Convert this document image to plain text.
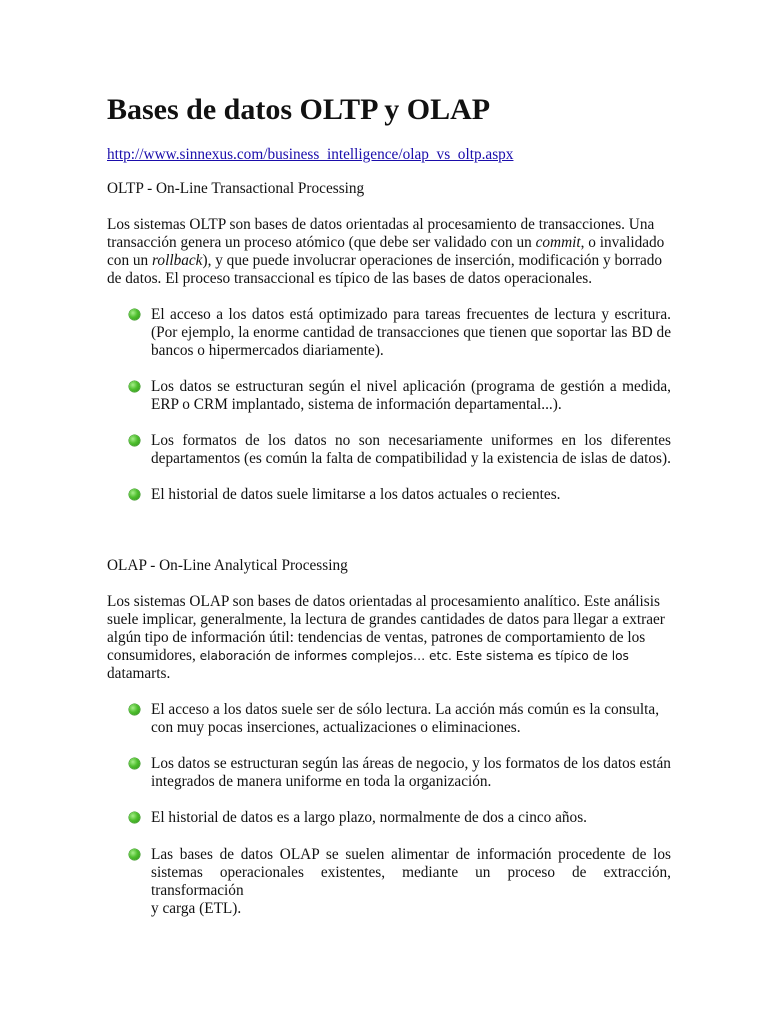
Bases de datos OLTP y OLAP
http://www.sinnexus.com/business_intelligence/olap_vs_oltp.aspx
OLTP - On-Line Transactional Processing
Los sistemas OLTP son bases de datos orientadas al procesamiento de transacciones. Una
transacción genera un proceso atómico (que debe ser validado con un commit, o invalidado
con un rollback), y que puede involucrar operaciones de inserción, modificación y borrado
de datos. El proceso transaccional es típico de las bases de datos operacionales.
El acceso a los datos está optimizado para tareas frecuentes de lectura y escritura.
(Por ejemplo, la enorme cantidad de transacciones que tienen que soportar las BD de
bancos o hipermercados diariamente).
Los datos se estructuran según el nivel aplicación (programa de gestión a medida,
ERP o CRM implantado, sistema de información departamental...).
Los formatos de los datos no son necesariamente uniformes en los diferentes
departamentos (es común la falta de compatibilidad y la existencia de islas de datos).
El historial de datos suele limitarse a los datos actuales o recientes.
OLAP - On-Line Analytical Processing
Los sistemas OLAP son bases de datos orientadas al procesamiento analítico. Este análisis
suele implicar, generalmente, la lectura de grandes cantidades de datos para llegar a extraer
algún tipo de información útil: tendencias de ventas, patrones de comportamiento de los
consumidores, elaboración de informes complejos… etc. Este sistema es típico de los
datamarts.
El acceso a los datos suele ser de sólo lectura. La acción más común es la consulta,
con muy pocas inserciones, actualizaciones o eliminaciones.
Los datos se estructuran según las áreas de negocio, y los formatos de los datos están
integrados de manera uniforme en toda la organización.
El historial de datos es a largo plazo, normalmente de dos a cinco años.
Las bases de datos OLAP se suelen alimentar de información procedente de los
sistemas operacionales existentes, mediante un proceso de extracción, transformación
y carga (ETL).
